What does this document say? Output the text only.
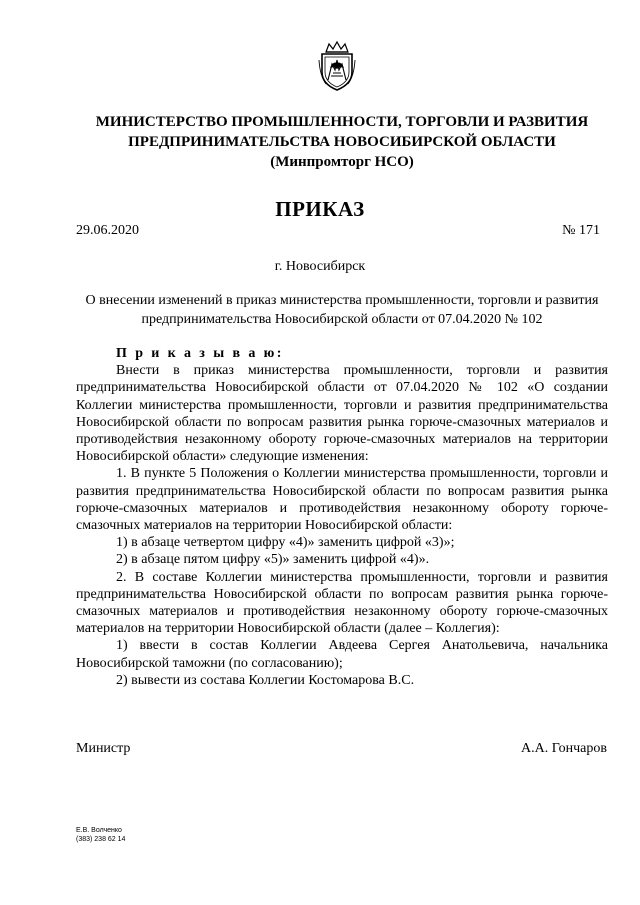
МИНИСТЕРСТВО ПРОМЫШЛЕННОСТИ, ТОРГОВЛИ И РАЗВИТИЯ
ПРЕДПРИНИМАТЕЛЬСТВА НОВОСИБИРСКОЙ ОБЛАСТИ
(Минпромторг НСО)
ПРИКАЗ
29.06.2020	№ 171
г. Новосибирск
О внесении изменений в приказ министерства промышленности, торговли и развития предпринимательства Новосибирской области от 07.04.2020 № 102

П р и к а з ы в а ю:

Внести в приказ министерства промышленности, торговли и развития предпринимательства Новосибирской области от 07.04.2020 № 102 «О создании Коллегии министерства промышленности, торговли и развития предпринимательства Новосибирской области по вопросам развития рынка горюче-смазочных материалов и противодействия незаконному обороту горюче-смазочных материалов на территории Новосибирской области» следующие изменения:

1. В пункте 5 Положения о Коллегии министерства промышленности, торговли и развития предпринимательства Новосибирской области по вопросам развития рынка горюче-смазочных материалов и противодействия незаконному обороту горюче-смазочных материалов на территории Новосибирской области:

1) в абзаце четвертом цифру «4)» заменить цифрой «3)»;

2) в абзаце пятом цифру «5)» заменить цифрой «4)».

2. В составе Коллегии министерства промышленности, торговли и развития предпринимательства Новосибирской области по вопросам развития рынка горюче-смазочных материалов и противодействия незаконному обороту горюче-смазочных материалов на территории Новосибирской области (далее – Коллегия):

1) ввести в состав Коллегии Авдеева Сергея Анатольевича, начальника Новосибирской таможни (по согласованию);

2) вывести из состава Коллегии Костомарова В.С.

Министр	А.А. Гончаров
Е.В. Волченко
(383) 238 62 14
